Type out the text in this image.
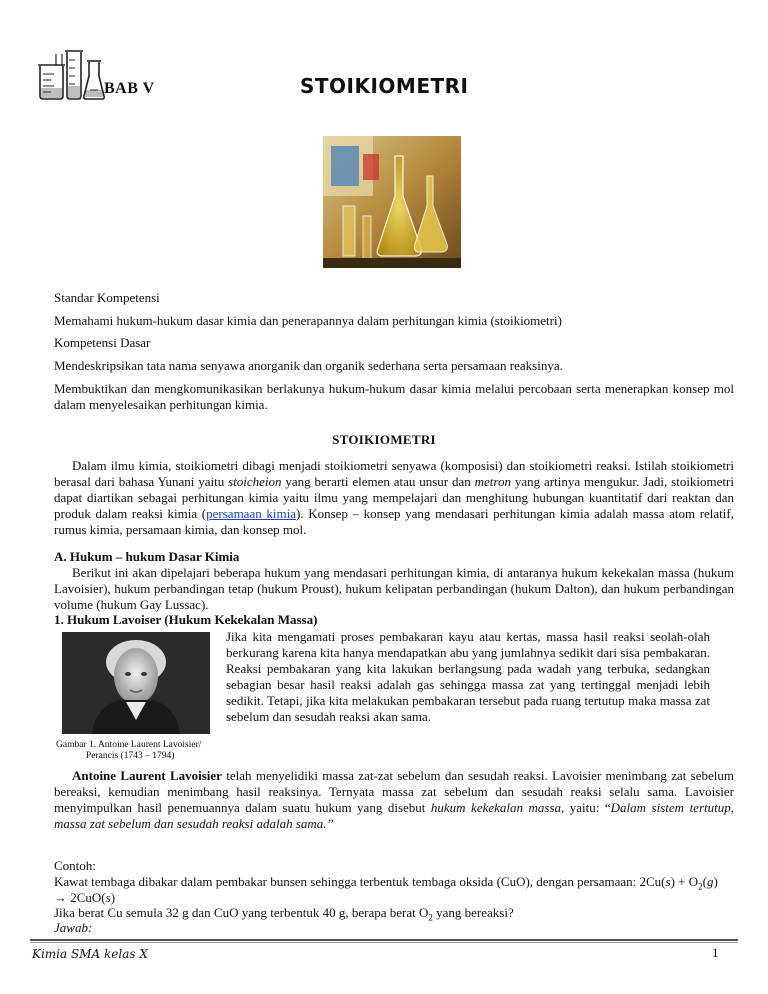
BAB V	STOIKIOMETRI
Standar Kompetensi
Memahami hukum-hukum dasar kimia dan penerapannya dalam perhitungan kimia (stoikiometri)
Kompetensi Dasar
Mendeskripsikan tata nama senyawa anorganik dan organik sederhana serta persamaan reaksinya.
Membuktikan dan mengkomunikasikan berlakunya hukum-hukum dasar kimia melalui percobaan serta menerapkan konsep mol dalam menyelesaikan perhitungan kimia.
STOIKIOMETRI
Dalam ilmu kimia, stoikiometri dibagi menjadi stoikiometri senyawa (komposisi) dan stoikiometri reaksi. Istilah stoikiometri berasal dari bahasa Yunani yaitu stoicheion yang berarti elemen atau unsur dan metron yang artinya mengukur. Jadi, stoikiometri dapat diartikan sebagai perhitungan kimia yaitu ilmu yang mempelajari dan menghitung hubungan kuantitatif dari reaktan dan produk dalam reaksi kimia (persamaan kimia). Konsep – konsep yang mendasari perhitungan kimia adalah massa atom relatif, rumus kimia, persamaan kimia, dan konsep mol.
A. Hukum – hukum Dasar Kimia
Berikut ini akan dipelajari beberapa hukum yang mendasari perhitungan kimia, di antaranya hukum kekekalan massa (hukum Lavoisier), hukum perbandingan tetap (hukum Proust), hukum kelipatan perbandingan (hukum Dalton), dan hukum perbandingan volume (hukum Gay Lussac).
1. Hukum Lavoiser (Hukum Kekekalan Massa)
Gambar 1. Antoine Laurent Lavoisier/
Perancis (1743 – 1794)
Jika kita mengamati proses pembakaran kayu atau kertas, massa hasil reaksi seolah-olah berkurang karena kita hanya mendapatkan abu yang jumlahnya sedikit dari sisa pembakaran. Reaksi pembakaran yang kita lakukan berlangsung pada wadah yang terbuka, sedangkan sebagian besar hasil reaksi adalah gas sehingga massa zat yang tertinggal menjadi lebih sedikit. Tetapi, jika kita melakukan pembakaran tersebut pada ruang tertutup maka massa zat sebelum dan sesudah reaksi akan sama.
Antoine Laurent Lavoisier telah menyelidiki massa zat-zat sebelum dan sesudah reaksi. Lavoisier menimbang zat sebelum bereaksi, kemudian menimbang hasil reaksinya. Ternyata massa zat sebelum dan sesudah reaksi selalu sama. Lavoisier menyimpulkan hasil penemuannya dalam suatu hukum yang disebut hukum kekekalan massa, yaitu: “Dalam sistem tertutup, massa zat sebelum dan sesudah reaksi adalah sama.”
Contoh:
Kawat tembaga dibakar dalam pembakar bunsen sehingga terbentuk tembaga oksida (CuO), dengan persamaan: $2Cu(s) + O_2(g)$
→ 2CuO(s)
Jika berat Cu semula 32 g dan CuO yang terbentuk 40 g, berapa berat $O_2$ yang bereaksi?
Jawab:
Kimia SMA kelas X	1
